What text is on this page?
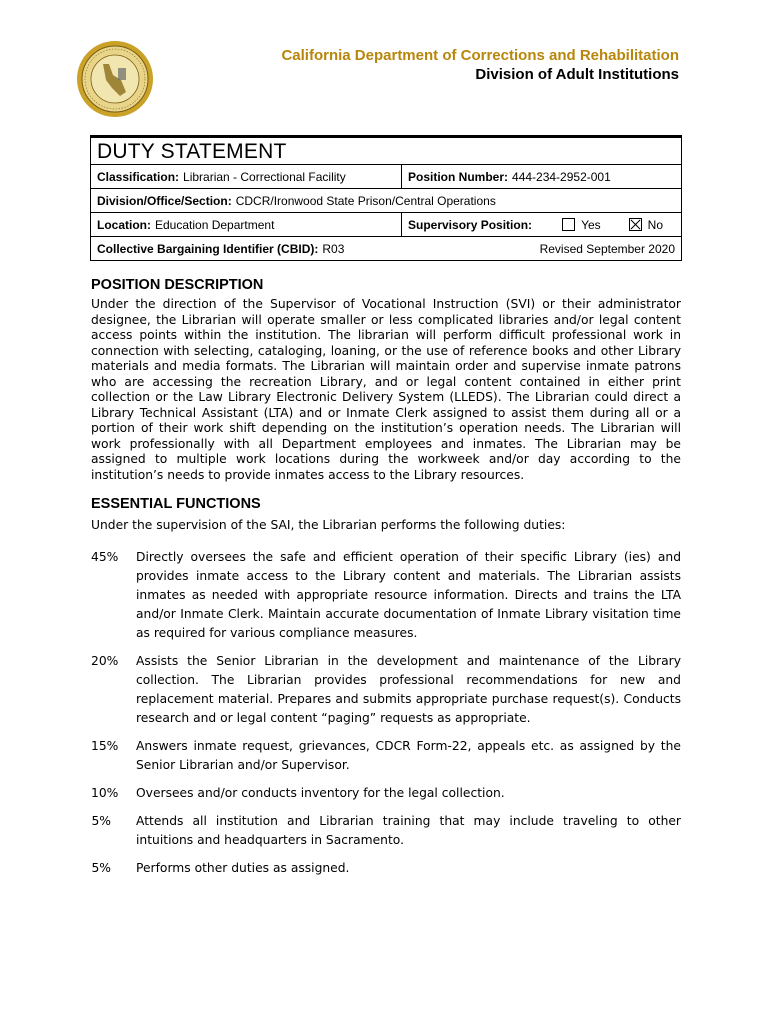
California Department of Corrections and Rehabilitation
Division of Adult Institutions
DUTY STATEMENT
Classification: Librarian - Correctional Facility	Position Number: 444-234-2952-001
Division/Office/Section: CDCR/Ironwood State Prison/Central Operations
Location: Education Department	Supervisory Position:	Yes	No
Collective Bargaining Identifier (CBID): R03	Revised September 2020
POSITION DESCRIPTION
Under the direction of the Supervisor of Vocational Instruction (SVI) or their administrator designee, the Librarian will operate smaller or less complicated libraries and/or legal content access points within the institution. The librarian will perform difficult professional work in connection with selecting, cataloging, loaning, or the use of reference books and other Library materials and media formats. The Librarian will maintain order and supervise inmate patrons who are accessing the recreation Library, and or legal content contained in either print collection or the Law Library Electronic Delivery System (LLEDS). The Librarian could direct a Library Technical Assistant (LTA) and or Inmate Clerk assigned to assist them during all or a portion of their work shift depending on the institution’s operation needs. The Librarian will work professionally with all Department employees and inmates. The Librarian may be assigned to multiple work locations during the workweek and/or day according to the institution’s needs to provide inmates access to the Library resources.
ESSENTIAL FUNCTIONS
Under the supervision of the SAI, the Librarian performs the following duties:
45%	Directly oversees the safe and efficient operation of their specific Library (ies) and provides inmate access to the Library content and materials. The Librarian assists inmates as needed with appropriate resource information. Directs and trains the LTA and/or Inmate Clerk. Maintain accurate documentation of Inmate Library visitation time as required for various compliance measures.
20%	Assists the Senior Librarian in the development and maintenance of the Library collection. The Librarian provides professional recommendations for new and replacement material. Prepares and submits appropriate purchase request(s). Conducts research and or legal content “paging” requests as appropriate.
15%	Answers inmate request, grievances, CDCR Form-22, appeals etc. as assigned by the Senior Librarian and/or Supervisor.
10%	Oversees and/or conducts inventory for the legal collection.
5% Attends all institution and Librarian training that may include traveling to other intuitions and headquarters in Sacramento.
5% Performs other duties as assigned.
